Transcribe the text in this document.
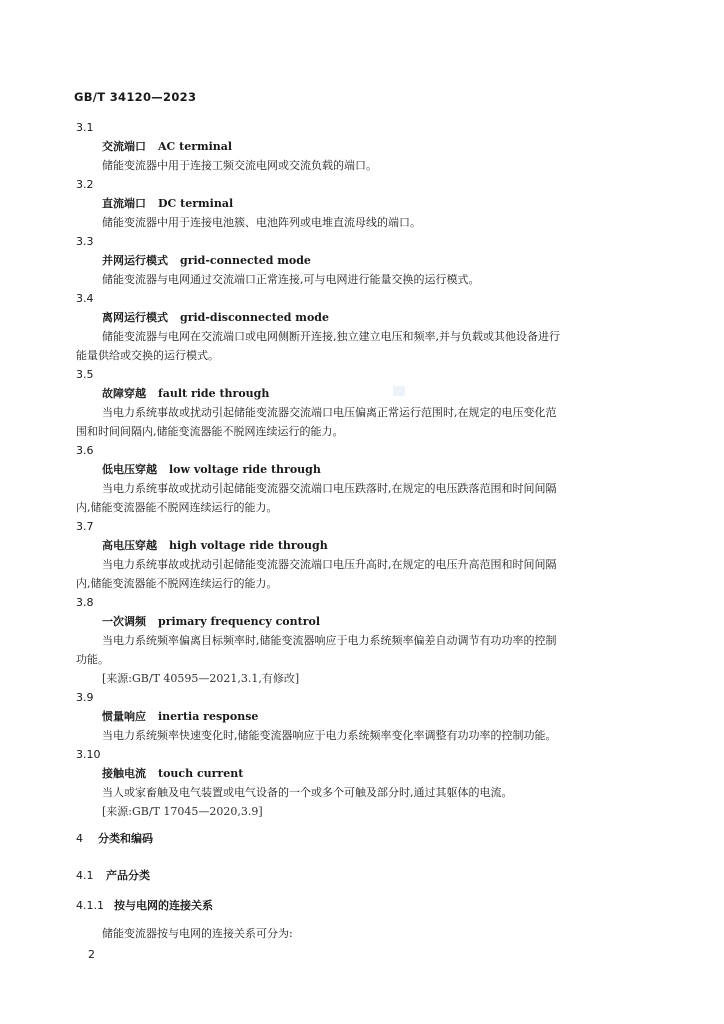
GB/T 34120—2023
3.1
交流端口 AC terminal
储能变流器中用于连接工频交流电网或交流负载的端口。
3.2
直流端口 DC terminal
储能变流器中用于连接电池簇、电池阵列或电堆直流母线的端口。
3.3
并网运行模式 grid-connected mode
储能变流器与电网通过交流端口正常连接,可与电网进行能量交换的运行模式。
3.4
离网运行模式 grid-disconnected mode
储能变流器与电网在交流端口或电网侧断开连接,独立建立电压和频率,并与负载或其他设备进行
能量供给或交换的运行模式。
3.5
故障穿越 fault ride through
当电力系统事故或扰动引起储能变流器交流端口电压偏离正常运行范围时,在规定的电压变化范
围和时间间隔内,储能变流器能不脱网连续运行的能力。
3.6
低电压穿越 low voltage ride through
当电力系统事故或扰动引起储能变流器交流端口电压跌落时,在规定的电压跌落范围和时间间隔
内,储能变流器能不脱网连续运行的能力。
3.7
高电压穿越 high voltage ride through
当电力系统事故或扰动引起储能变流器交流端口电压升高时,在规定的电压升高范围和时间间隔
内,储能变流器能不脱网连续运行的能力。
3.8
一次调频 primary frequency control
当电力系统频率偏离目标频率时,储能变流器响应于电力系统频率偏差自动调节有功功率的控制
功能。
[来源:GB/T 40595—2021,3.1,有修改]
3.9
惯量响应 inertia response
当电力系统频率快速变化时,储能变流器响应于电力系统频率变化率调整有功功率的控制功能。
3.10
接触电流 touch current
当人或家畜触及电气装置或电气设备的一个或多个可触及部分时,通过其躯体的电流。
[来源:GB/T 17045—2020,3.9]
4 分类和编码
4.1 产品分类
4.1.1 按与电网的连接关系
储能变流器按与电网的连接关系可分为:
2
